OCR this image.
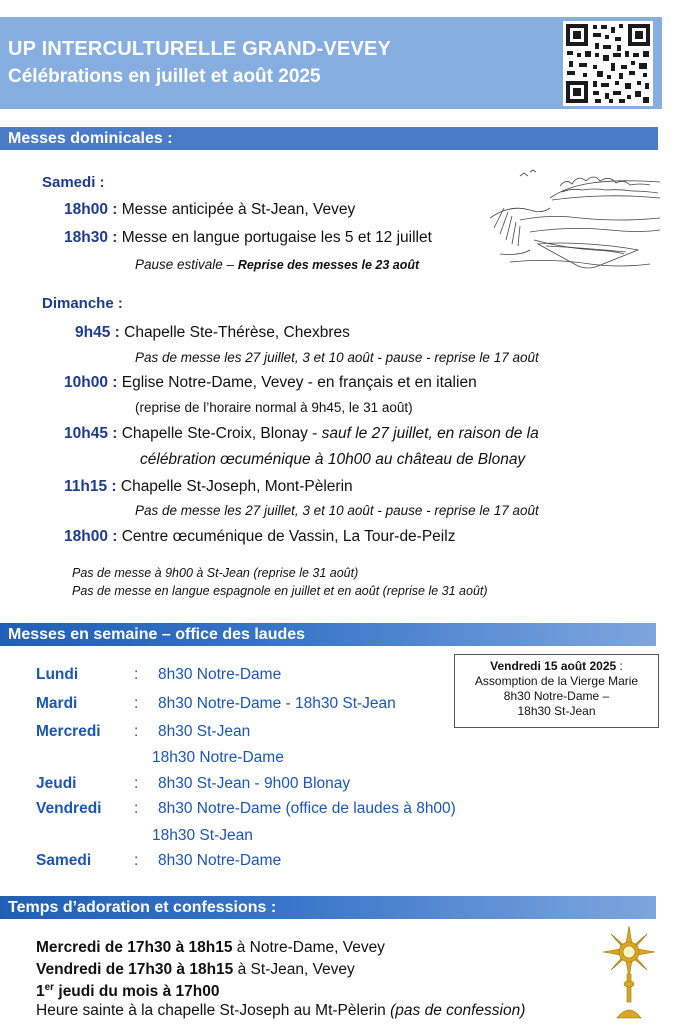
UP INTERCULTURELLE GRAND-VEVEY
Célébrations en juillet et août 2025
Messes dominicales :
Samedi :
18h00 : Messe anticipée à St-Jean, Vevey
18h30 : Messe en langue portugaise les 5 et 12 juillet
Pause estivale – Reprise des messes le 23 août
Dimanche :
9h45 : Chapelle Ste-Thérèse, Chexbres
Pas de messe les 27 juillet, 3 et 10 août - pause - reprise le 17 août
10h00 : Eglise Notre-Dame, Vevey - en français et en italien
(reprise de l’horaire normal à 9h45, le 31 août)
10h45 : Chapelle Ste-Croix, Blonay - sauf le 27 juillet, en raison de la
célébration œcuménique à 10h00 au château de Blonay
11h15 : Chapelle St-Joseph, Mont-Pèlerin
Pas de messe les 27 juillet, 3 et 10 août - pause - reprise le 17 août
18h00 : Centre œcuménique de Vassin, La Tour-de-Peilz
Pas de messe à 9h00 à St-Jean (reprise le 31 août)
Pas de messe en langue espagnole en juillet et en août (reprise le 31 août)
Messes en semaine – office des laudes
Lundi	: 8h30 Notre-Dame
Mardi	: 8h30 Notre-Dame - 18h30 St-Jean
Mercredi : 8h30 St-Jean
18h30 Notre-Dame
Jeudi	: 8h30 St-Jean - 9h00 Blonay
Vendredi : 8h30 Notre-Dame (office de laudes à 8h00)
18h30 St-Jean
Samedi	: 8h30 Notre-Dame
Vendredi 15 août 2025 :
Assomption de la Vierge Marie
8h30 Notre-Dame –
18h30 St-Jean
Temps d’adoration et confessions :
Mercredi de 17h30 à 18h15 à Notre-Dame, Vevey
Vendredi de 17h30 à 18h15 à St-Jean, Vevey
1er jeudi du mois à 17h00
Heure sainte à la chapelle St-Joseph au Mt-Pèlerin (pas de confession)
